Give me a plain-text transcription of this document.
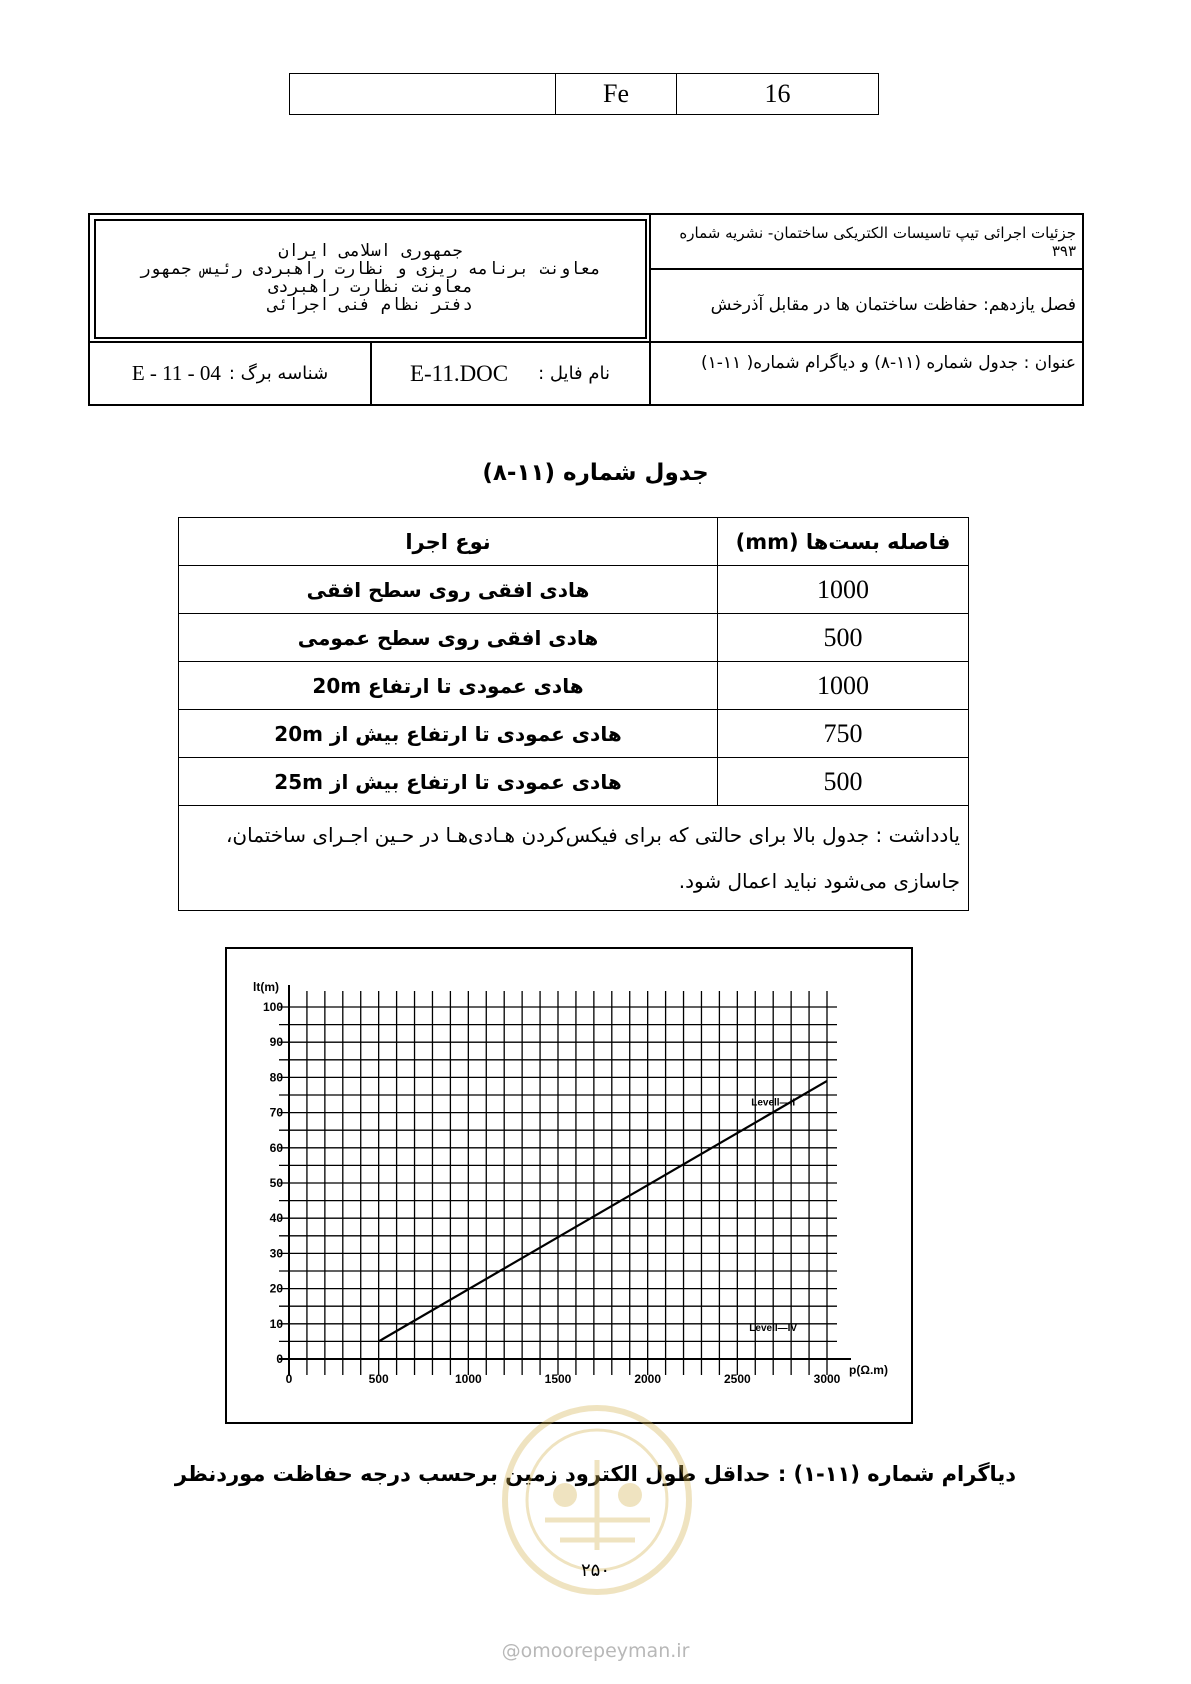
Fe	16
جمهوری اسلامی ایران
معاونت برنامه ریزی و نظارت راهبردی رئیس جمهور
معاونت نظارت راهبردی
دفتر نظام فنی اجرائی
جزئیات اجرائی تیپ تاسیسات الکتریکی ساختمان- نشریه شماره ۳۹۳
فصل یازدهم: حفاظت ساختمان ها در مقابل آذرخش
عنوان : جدول شماره (۱۱-۸) و دیاگرام شماره( ۱۱-۱)
E-11.DOC نام فایل :
E - 11 - 04 شناسه برگ :
جدول شماره (۱۱-۸)
فاصله بست‌ها (mm)	نوع اجرا
1000	هادی افقی روی سطح افقی
500	هادی افقی روی سطح عمومی
1000	هادی عمودی تا ارتفاع 20m
750	هادی عمودی تا ارتفاع بیش از 20m
500	هادی عمودی تا ارتفاع بیش از 25m
یادداشت : جدول بالا برای حالتی که برای فیکس‌کردن هـادی‌هـا در حـین اجـرای ساختمان، جاسازی می‌شود نباید اعمال شود.	
lt(m)
p(Ω.m)
0	500	1000	1500	2000	2500	3000
0
10
20
30
40
50
60
70
80
90
100
Levell—II
Levell—IV
دیاگرام شماره (۱۱-۱) : حداقل طول الکترود زمین برحسب درجه حفاظت موردنظر
۲۵۰
@omoorepeyman.ir
